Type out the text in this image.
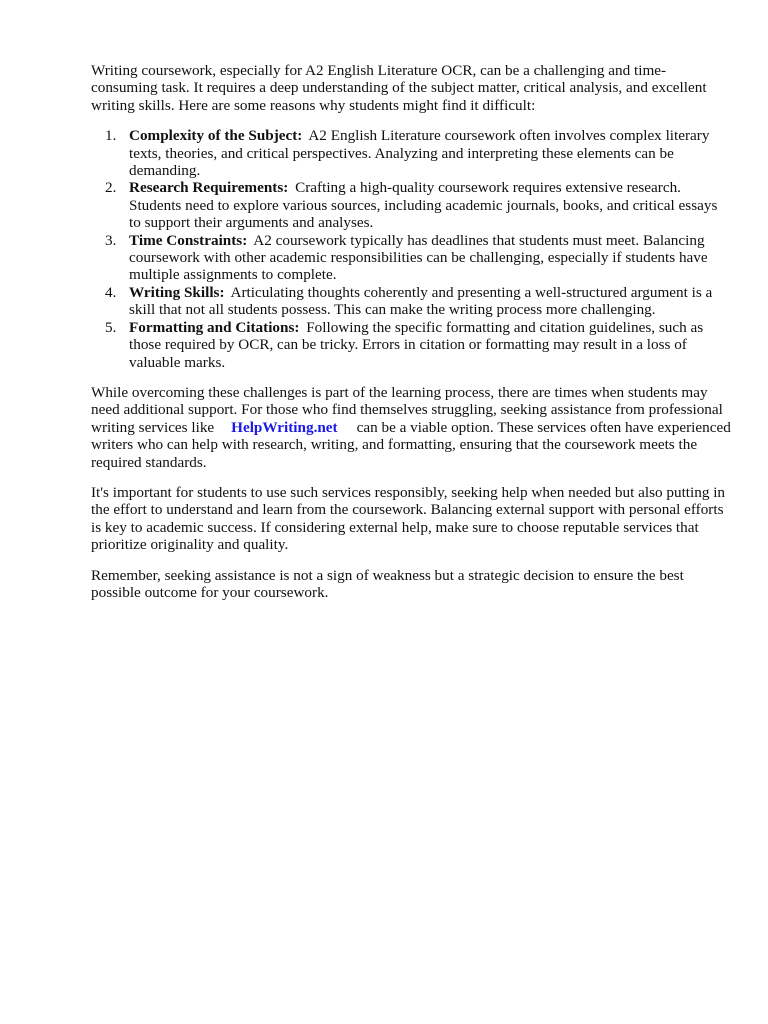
Writing coursework, especially for A2 English Literature OCR, can be a challenging and time-consuming task. It requires a deep understanding of the subject matter, critical analysis, and excellent writing skills. Here are some reasons why students might find it difficult:

1. Complexity of the Subject: A2 English Literature coursework often involves complex literary texts, theories, and critical perspectives. Analyzing and interpreting these elements can be demanding.
2. Research Requirements: Crafting a high-quality coursework requires extensive research. Students need to explore various sources, including academic journals, books, and critical essays to support their arguments and analyses.
3. Time Constraints: A2 coursework typically has deadlines that students must meet. Balancing coursework with other academic responsibilities can be challenging, especially if students have multiple assignments to complete.
4. Writing Skills: Articulating thoughts coherently and presenting a well-structured argument is a skill that not all students possess. This can make the writing process more challenging.
5. Formatting and Citations: Following the specific formatting and citation guidelines, such as those required by OCR, can be tricky. Errors in citation or formatting may result in a loss of valuable marks.

While overcoming these challenges is part of the learning process, there are times when students may need additional support. For those who find themselves struggling, seeking assistance from professional writing services like HelpWriting.net can be a viable option. These services often have experienced writers who can help with research, writing, and formatting, ensuring that the coursework meets the required standards.

It's important for students to use such services responsibly, seeking help when needed but also putting in the effort to understand and learn from the coursework. Balancing external support with personal efforts is key to academic success. If considering external help, make sure to choose reputable services that prioritize originality and quality.

Remember, seeking assistance is not a sign of weakness but a strategic decision to ensure the best possible outcome for your coursework.
